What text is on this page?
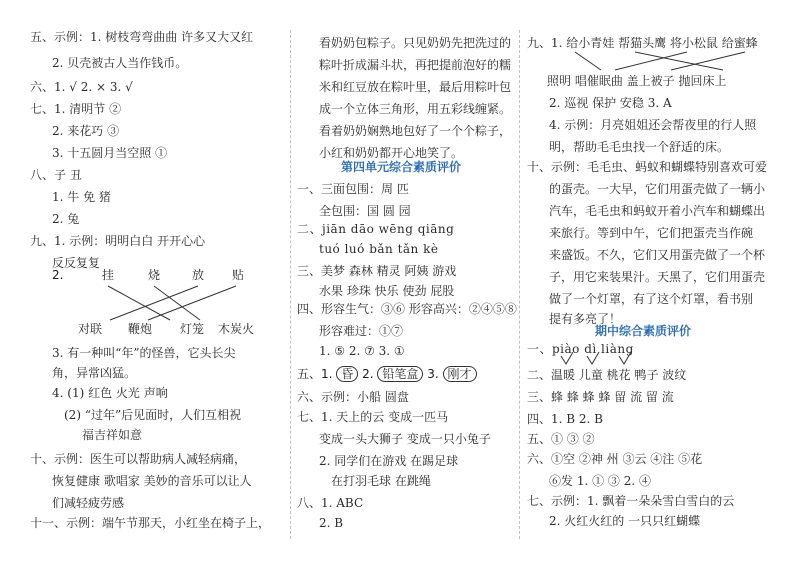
五、示例：1. 树枝弯弯曲曲 许多又大又红
2. 贝壳被古人当作钱币。
六、1. √ 2. × 3. √
七、1. 清明节 ②
2. 来花巧 ③
3. 十五圆月当空照 ①
八、子 丑
1. 牛 免 猪
2. 兔
九、1. 示例：明明白白 开开心心
反反复复
2.	挂	烧	放 贴
对联 鞭炮 灯笼 木炭火
3. 有一种叫“年”的怪兽，它头长尖
角，异常凶猛。
4. (1) 红色 火光 声响
(2) “过年”后见面时，人们互相祝
福吉祥如意
十、示例：医生可以帮助病人减轻病痛，
恢复健康 歌唱家 美妙的音乐可以让人
们减轻疲劳感
十一、示例：端午节那天，小红坐在椅子上，
看奶奶包粽子。只见奶奶先把洗过的
粽叶折成漏斗状，再把提前泡好的糯
米和红豆放在粽叶里，最后用粽叶包
成一个立体三角形，用五彩线缠紧。
看着奶奶娴熟地包好了一个个粽子，
小红和奶奶都开心地笑了。
第四单元综合素质评价
一、三面包围：周 匹
全包围：国 圆 园
二、jiān dāo wēng qiāng
tuó luó bǎn tǎn kè
三、美梦 森林 精灵 阿姨 游戏
水果 珍珠 快乐 使劲 屁股
四、形容生气：③⑥ 形容高兴：②④⑤⑧
形容难过：①⑦
1. ⑤ 2. ⑦ 3. ①
五、1. 昏 2. 铅笔盒 3. 刚才
六、示例：小船 圆盘
七、1. 天上的云 变成一匹马
变成一头大狮子 变成一只小兔子
2. 同学们在游戏 在踢足球
在打羽毛球 在跳绳
八、1. ABC
2. B
九、1. 给小青娃 帮猫头鹰 将小松鼠 给蜜蜂
照明 唱催眠曲 盖上被子 抛回床上
2. 巡视 保护 安稳 3. A
4. 示例：月亮姐姐还会帮夜里的行人照
明，帮助毛毛虫找一个舒适的床。
十、示例：毛毛虫、蚂蚁和蝴蝶特别喜欢可爱
的蛋壳。一大早，它们用蛋壳做了一辆小
汽车，毛毛虫和蚂蚁开着小汽车和蝴蝶出
来旅行。等到中午，它们把蛋壳当作碗
来盛饭。不久，它们又用蛋壳做了一个杯
子，用它来装果汁。天黑了，它们用蛋壳
做了一个灯罩，有了这个灯罩，看书别
提有多亮了！
期中综合素质评价
一、piào dì liàng
二、温暖 儿童 桃花 鸭子 波纹
三、蜂 蜂 蜂 蜂 留 流 留 流
四、1. B 2. B
五、① ③ ②
六、①空 ②神 州 ③云 ④注 ⑤花
⑥发 1. ① ③ 2. ④
七、示例：1. 飘着一朵朵雪白雪白的云
2. 火红火红的 一只只红蝴蝶
